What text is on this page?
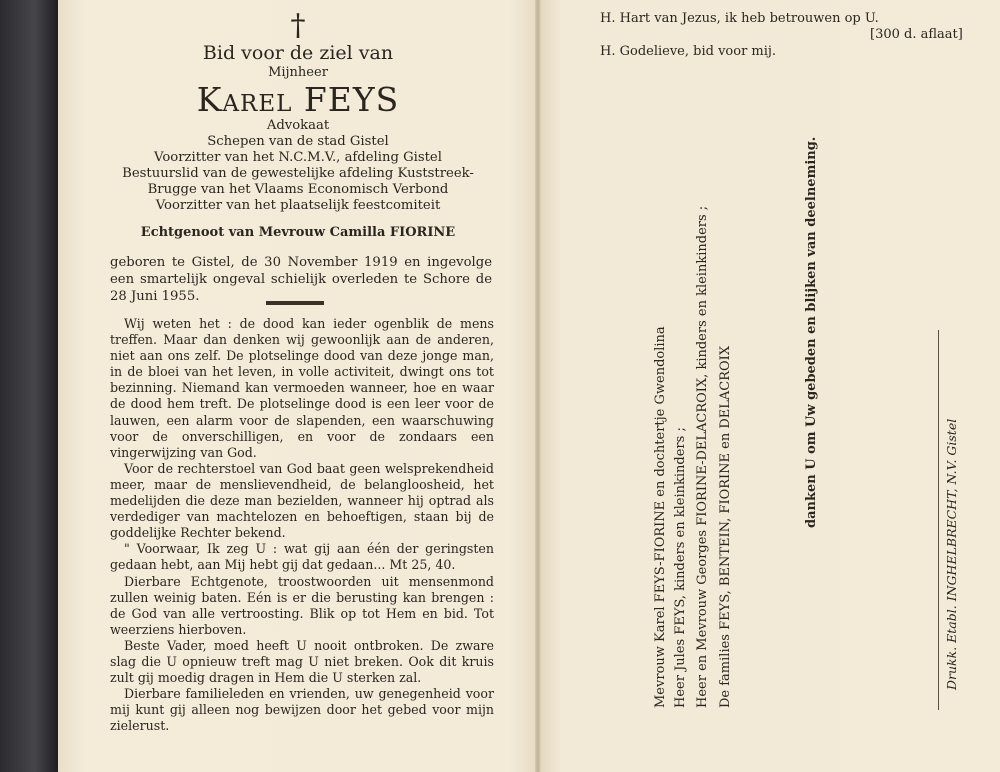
†
Bid voor de ziel van
Mijnheer
Karel FEYS
Advokaat
Schepen van de stad Gistel
Voorzitter van het N.C.M.V., afdeling Gistel
Bestuurslid van de gewestelijke afdeling Kuststreek-
Brugge van het Vlaams Economisch Verbond
Voorzitter van het plaatselijk feestcomiteit
Echtgenoot van Mevrouw Camilla FIORINE
geboren te Gistel, de 30 November 1919 en ingevolge een smartelijk ongeval schielijk overleden te Schore de 28 Juni 1955.

Wij weten het : de dood kan ieder ogenblik de mens treffen. Maar dan denken wij gewoonlijk aan de anderen, niet aan ons zelf. De plotselinge dood van deze jonge man, in de bloei van het leven, in volle activiteit, dwingt ons tot bezinning. Niemand kan vermoeden wanneer, hoe en waar de dood hem treft. De plotselinge dood is een leer voor de lauwen, een alarm voor de slapenden, een waarschuwing voor de onverschilligen, en voor de zondaars een vingerwijzing van God.

Voor de rechterstoel van God baat geen welsprekendheid meer, maar de menslievendheid, de belangloosheid, het medelijden die deze man bezielden, wanneer hij optrad als verdediger van machtelozen en behoeftigen, staan bij de goddelijke Rechter bekend.

" Voorwaar, Ik zeg U : wat gij aan één der geringsten gedaan hebt, aan Mij hebt gij dat gedaan... Mt 25, 40.

Dierbare Echtgenote, troostwoorden uit mensenmond zullen weinig baten. Eén is er die berusting kan brengen : de God van alle vertroosting. Blik op tot Hem en bid. Tot weerziens hierboven.

Beste Vader, moed heeft U nooit ontbroken. De zware slag die U opnieuw treft mag U niet breken. Ook dit kruis zult gij moedig dragen in Hem die U sterken zal.

Dierbare familieleden en vrienden, uw genegenheid voor mij kunt gij alleen nog bewijzen door het gebed voor mijn zielerust.

H. Hart van Jezus, ik heb betrouwen op U.
[300 d. aflaat]
H. Godelieve, bid voor mij.
Mevrouw Karel FEYS-FIORINE en dochtertje Gwendolina Heer Jules FEYS, kinders en kleinkinders ; Heer en Mevrouw Georges FIORINE-DELACROIX, kinders en kleinkinders ; De families FEYS, BENTEIN, FIORINE en DELACROIX	danken U om Uw gebeden en blijken van deelneming.
Drukk. Etabl. INGHELBRECHT, N.V. Gistel
